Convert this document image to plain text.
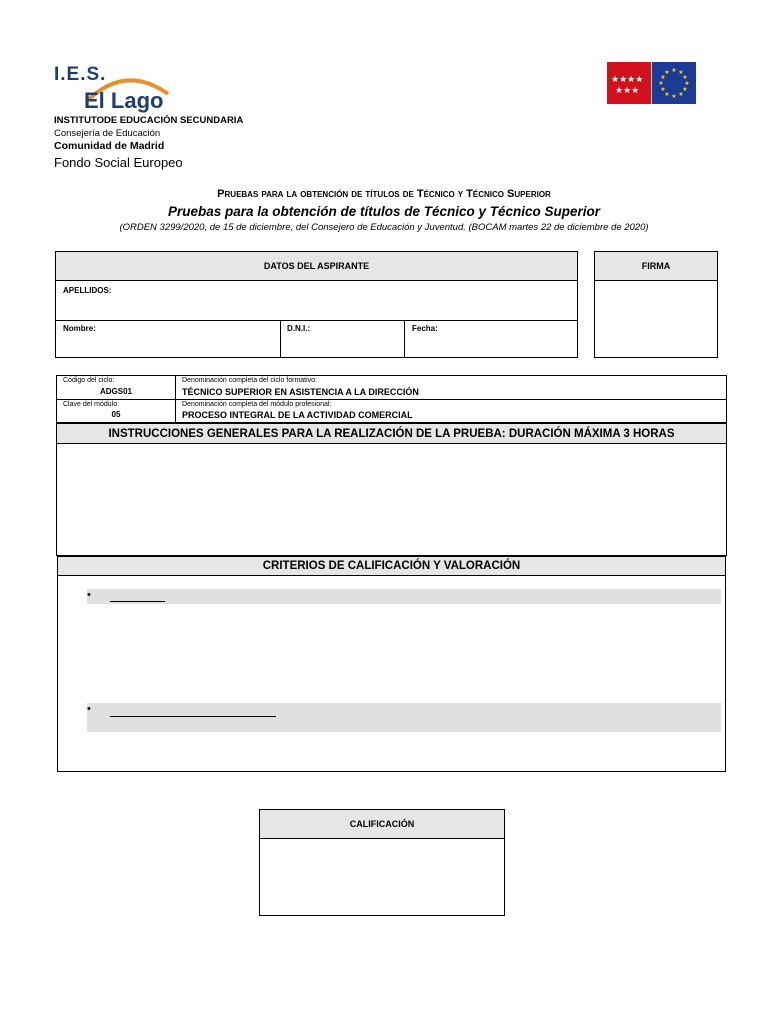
I.E.S.
El Lago
INSTITUTODE EDUCACIÓN SECUNDARIA
Consejería de Educación
Comunidad de Madrid
Fondo Social Europeo
★★★★
★★★
★ ★
★
★
★
★
★
★
★
★
★
★
Pruebas para la obtención de títulos de Técnico y Técnico Superior
Pruebas para la obtención de títulos de Técnico y Técnico Superior
(ORDEN 3299/2020, de 15 de diciembre, del Consejero de Educación y Juventud. (BOCAM martes 22 de diciembre de 2020)
DATOS DEL ASPIRANTE
APELLIDOS:
Nombre:	D.N.I.:	Fecha:
FIRMA
Código del ciclo:
ADGS01
Denominación completa del ciclo formativo:
TÉCNICO SUPERIOR EN ASISTENCIA A LA DIRECCIÓN
Clave del módulo:
05
Denominación completa del módulo profesional:
PROCESO INTEGRAL DE LA ACTIVIDAD COMERCIAL
INSTRUCCIONES GENERALES PARA LA REALIZACIÓN DE LA PRUEBA: DURACIÓN MÁXIMA 3 HORAS
CRITERIOS DE CALIFICACIÓN Y VALORACIÓN
•
•
CALIFICACIÓN
